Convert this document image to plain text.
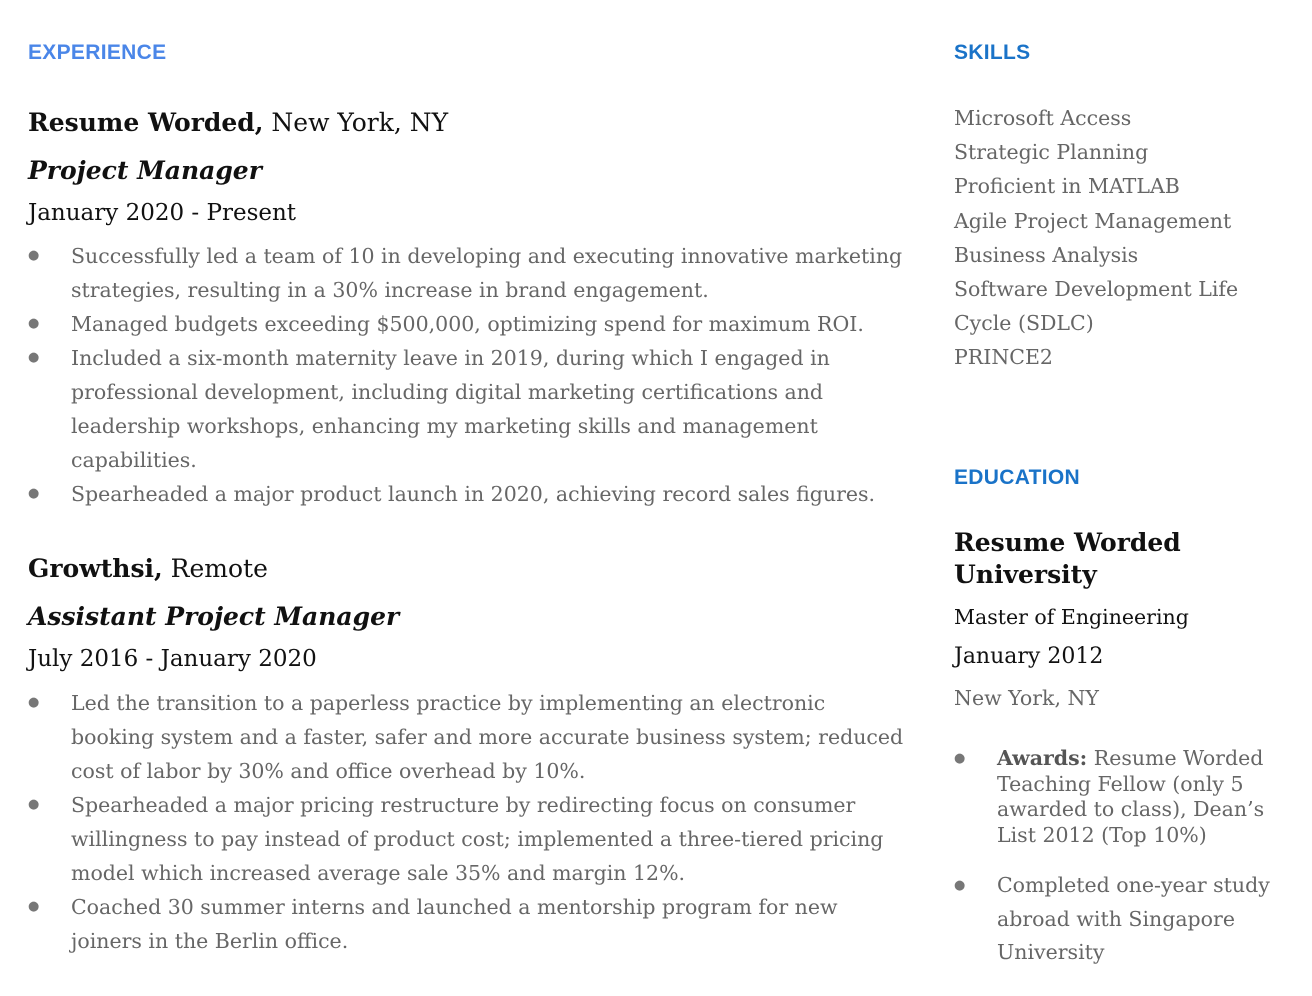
EXPERIENCE
Resume Worded, New York, NY
Project Manager
January 2020 - Present
● Successfully led a team of 10 in developing and executing innovative marketing strategies, resulting in a 30% increase in brand engagement.
● Managed budgets exceeding $500,000, optimizing spend for maximum ROI.
● Included a six-month maternity leave in 2019, during which I engaged in professional development, including digital marketing certifications and leadership workshops, enhancing my marketing skills and management capabilities.
● Spearheaded a major product launch in 2020, achieving record sales figures.
Growthsi, Remote
Assistant Project Manager
July 2016 - January 2020
● Led the transition to a paperless practice by implementing an electronic booking system and a faster, safer and more accurate business system; reduced cost of labor by 30% and office overhead by 10%.
● Spearheaded a major pricing restructure by redirecting focus on consumer willingness to pay instead of product cost; implemented a three-tiered pricing model which increased average sale 35% and margin 12%.
● Coached 30 summer interns and launched a mentorship program for new joiners in the Berlin office.
SKILLS
Microsoft Access
Strategic Planning
Proficient in MATLAB
Agile Project Management
Business Analysis
Software Development Life Cycle (SDLC)
PRINCE2
EDUCATION
Resume Worded University
Master of Engineering
January 2012
New York, NY
● Awards: Resume Worded Teaching Fellow (only 5 awarded to class), Dean’s List 2012 (Top 10%)
● Completed one-year study abroad with Singapore University
